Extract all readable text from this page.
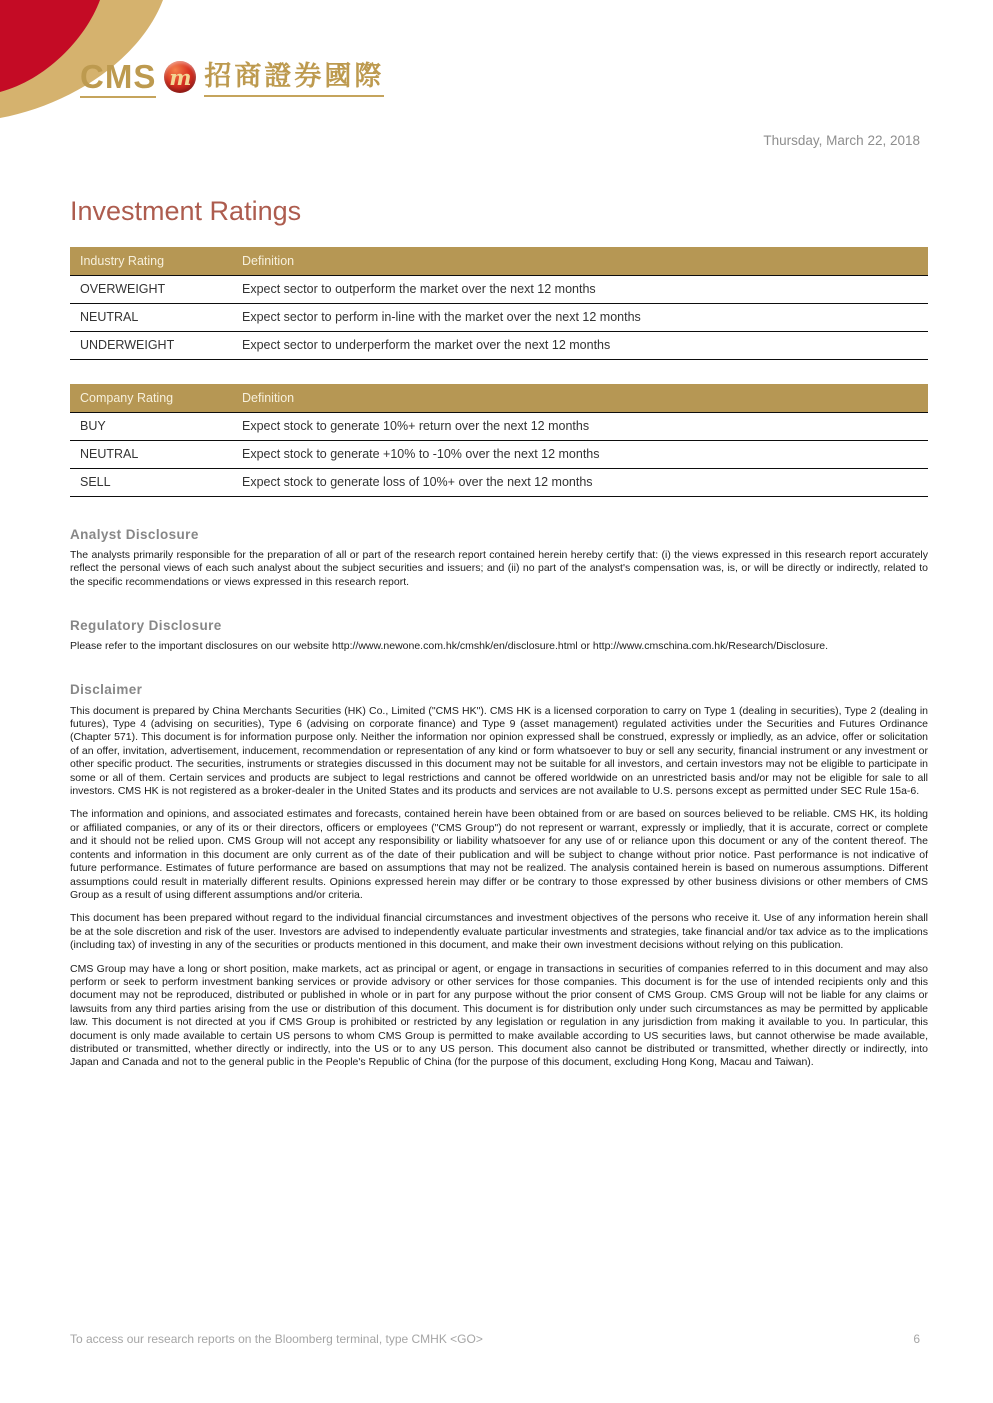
CMS m 招商證券國際
Thursday, March 22, 2018
Investment Ratings
Industry Rating	Definition
OVERWEIGHT	Expect sector to outperform the market over the next 12 months
NEUTRAL	Expect sector to perform in-line with the market over the next 12 months
UNDERWEIGHT	Expect sector to underperform the market over the next 12 months
Company Rating	Definition
BUY	Expect stock to generate 10%+ return over the next 12 months
NEUTRAL	Expect stock to generate +10% to -10% over the next 12 months
SELL	Expect stock to generate loss of 10%+ over the next 12 months
Analyst Disclosure

The analysts primarily responsible for the preparation of all or part of the research report contained herein hereby certify that: (i) the views expressed in this research report accurately reflect the personal views of each such analyst about the subject securities and issuers; and (ii) no part of the analyst's compensation was, is, or will be directly or indirectly, related to the specific recommendations or views expressed in this research report.

Regulatory Disclosure

Please refer to the important disclosures on our website http://www.newone.com.hk/cmshk/en/disclosure.html or http://www.cmschina.com.hk/Research/Disclosure.

Disclaimer

This document is prepared by China Merchants Securities (HK) Co., Limited ("CMS HK"). CMS HK is a licensed corporation to carry on Type 1 (dealing in securities), Type 2 (dealing in futures), Type 4 (advising on securities), Type 6 (advising on corporate finance) and Type 9 (asset management) regulated activities under the Securities and Futures Ordinance (Chapter 571). This document is for information purpose only. Neither the information nor opinion expressed shall be construed, expressly or impliedly, as an advice, offer or solicitation of an offer, invitation, advertisement, inducement, recommendation or representation of any kind or form whatsoever to buy or sell any security, financial instrument or any investment or other specific product. The securities, instruments or strategies discussed in this document may not be suitable for all investors, and certain investors may not be eligible to participate in some or all of them. Certain services and products are subject to legal restrictions and cannot be offered worldwide on an unrestricted basis and/or may not be eligible for sale to all investors. CMS HK is not registered as a broker-dealer in the United States and its products and services are not available to U.S. persons except as permitted under SEC Rule 15a-6.

The information and opinions, and associated estimates and forecasts, contained herein have been obtained from or are based on sources believed to be reliable. CMS HK, its holding or affiliated companies, or any of its or their directors, officers or employees ("CMS Group") do not represent or warrant, expressly or impliedly, that it is accurate, correct or complete and it should not be relied upon. CMS Group will not accept any responsibility or liability whatsoever for any use of or reliance upon this document or any of the content thereof. The contents and information in this document are only current as of the date of their publication and will be subject to change without prior notice. Past performance is not indicative of future performance. Estimates of future performance are based on assumptions that may not be realized. The analysis contained herein is based on numerous assumptions. Different assumptions could result in materially different results. Opinions expressed herein may differ or be contrary to those expressed by other business divisions or other members of CMS Group as a result of using different assumptions and/or criteria.

This document has been prepared without regard to the individual financial circumstances and investment objectives of the persons who receive it. Use of any information herein shall be at the sole discretion and risk of the user. Investors are advised to independently evaluate particular investments and strategies, take financial and/or tax advice as to the implications (including tax) of investing in any of the securities or products mentioned in this document, and make their own investment decisions without relying on this publication.

CMS Group may have a long or short position, make markets, act as principal or agent, or engage in transactions in securities of companies referred to in this document and may also perform or seek to perform investment banking services or provide advisory or other services for those companies. This document is for the use of intended recipients only and this document may not be reproduced, distributed or published in whole or in part for any purpose without the prior consent of CMS Group. CMS Group will not be liable for any claims or lawsuits from any third parties arising from the use or distribution of this document. This document is for distribution only under such circumstances as may be permitted by applicable law. This document is not directed at you if CMS Group is prohibited or restricted by any legislation or regulation in any jurisdiction from making it available to you. In particular, this document is only made available to certain US persons to whom CMS Group is permitted to make available according to US securities laws, but cannot otherwise be made available, distributed or transmitted, whether directly or indirectly, into the US or to any US person. This document also cannot be distributed or transmitted, whether directly or indirectly, into Japan and Canada and not to the general public in the People's Republic of China (for the purpose of this document, excluding Hong Kong, Macau and Taiwan).

To access our research reports on the Bloomberg terminal, type CMHK <GO>	6
